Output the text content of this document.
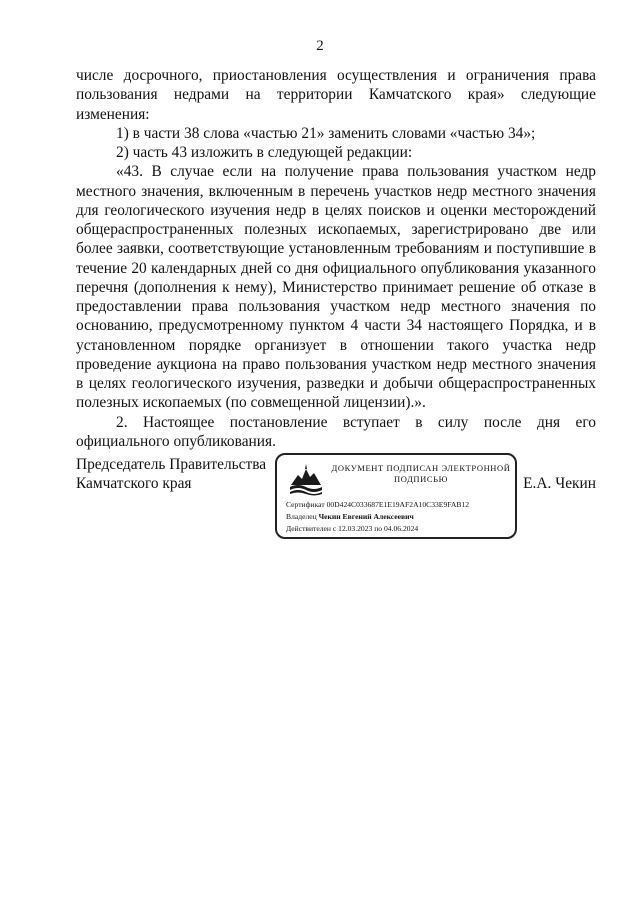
2

числе досрочного, приостановления осуществления и ограничения права пользования недрами на территории Камчатского края» следующие изменения:

1) в части 38 слова «частью 21» заменить словами «частью 34»;

2) часть 43 изложить в следующей редакции:

«43. В случае если на получение права пользования участком недр местного значения, включенным в перечень участков недр местного значения для геологического изучения недр в целях поисков и оценки месторождений общераспространенных полезных ископаемых, зарегистрировано две или более заявки, соответствующие установленным требованиям и поступившие в течение 20 календарных дней со дня официального опубликования указанного перечня (дополнения к нему), Министерство принимает решение об отказе в предоставлении права пользования участком недр местного значения по основанию, предусмотренному пунктом 4 части 34 настоящего Порядка, и в установленном порядке организует в отношении такого участка недр проведение аукциона на право пользования участком недр местного значения в целях геологического изучения, разведки и добычи общераспространенных полезных ископаемых (по совмещенной лицензии).».

2. Настоящее постановление вступает в силу после дня его официального опубликования.

Председатель Правительства
Камчатского края
ДОКУМЕНТ ПОДПИСАН ЭЛЕКТРОННОЙ ПОДПИСЬЮ
Сертификат 00D424C033687E1E19AF2A10C33E9FAB12
Владелец Чекин Евгений Алексеевич
Действителен с 12.03.2023 по 04.06.2024
Е.А. Чекин
